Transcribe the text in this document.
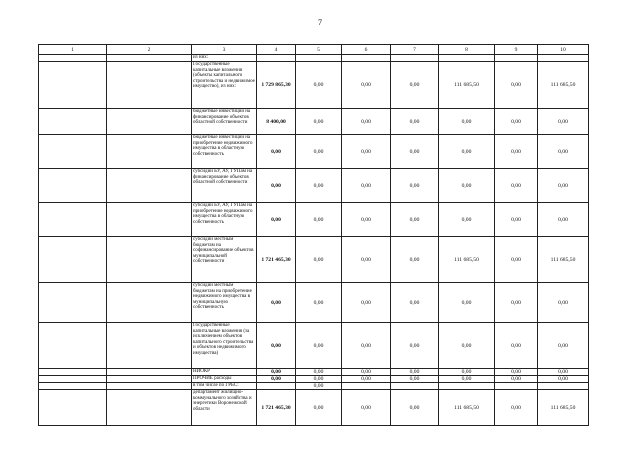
7
1	2	3	4	5	6	7	8	9	10
		из них:							
		Государственные капитальные вложения (объекты капитального строительства и недвижимое имущество), из них:	1 729 865,30	0,00	0,00	0,00	111 685,50	0,00	111 685,50
		бюджетные инвестиции на финансирование объектов областной собственности	8 400,00	0,00	0,00	0,00	0,00	0,00	0,00
		бюджетные инвестиции на приобретение недвижимого имущества в областную собственность	0,00	0,00	0,00	0,00	0,00	0,00	0,00
		субсидии БУ, АУ, ГУПам на финансирование объектов областной собственности	0,00	0,00	0,00	0,00	0,00	0,00	0,00
		субсидии БУ, АУ, ГУПам на приобретение недвижимого имущества в областную собственность	0,00	0,00	0,00	0,00	0,00	0,00	0,00
		субсидии местным бюджетам на софинансирование объектов муниципальной собственности	1 721 465,30	0,00	0,00	0,00	111 685,50	0,00	111 685,50
		субсидии местным бюджетам на приобретение недвижимого имущества в муниципальную собственность	0,00	0,00	0,00	0,00	0,00	0,00	0,00
		Государственные капитальные вложения (за исключением объектов капитального строительства и объектов недвижимого имущества)	0,00	0,00	0,00	0,00	0,00	0,00	0,00
		НИОКР	0,00	0,00	0,00	0,00	0,00	0,00	0,00
		ПРОЧИЕ расходы	0,00	0,00	0,00	0,00	0,00	0,00	0,00
		в том числе по ГРБС:		0,00					
		департамент жилищно-коммунального хозяйства и энергетики Воронежской области	1 721 465,30	0,00	0,00	0,00	111 685,50	0,00	111 685,50
